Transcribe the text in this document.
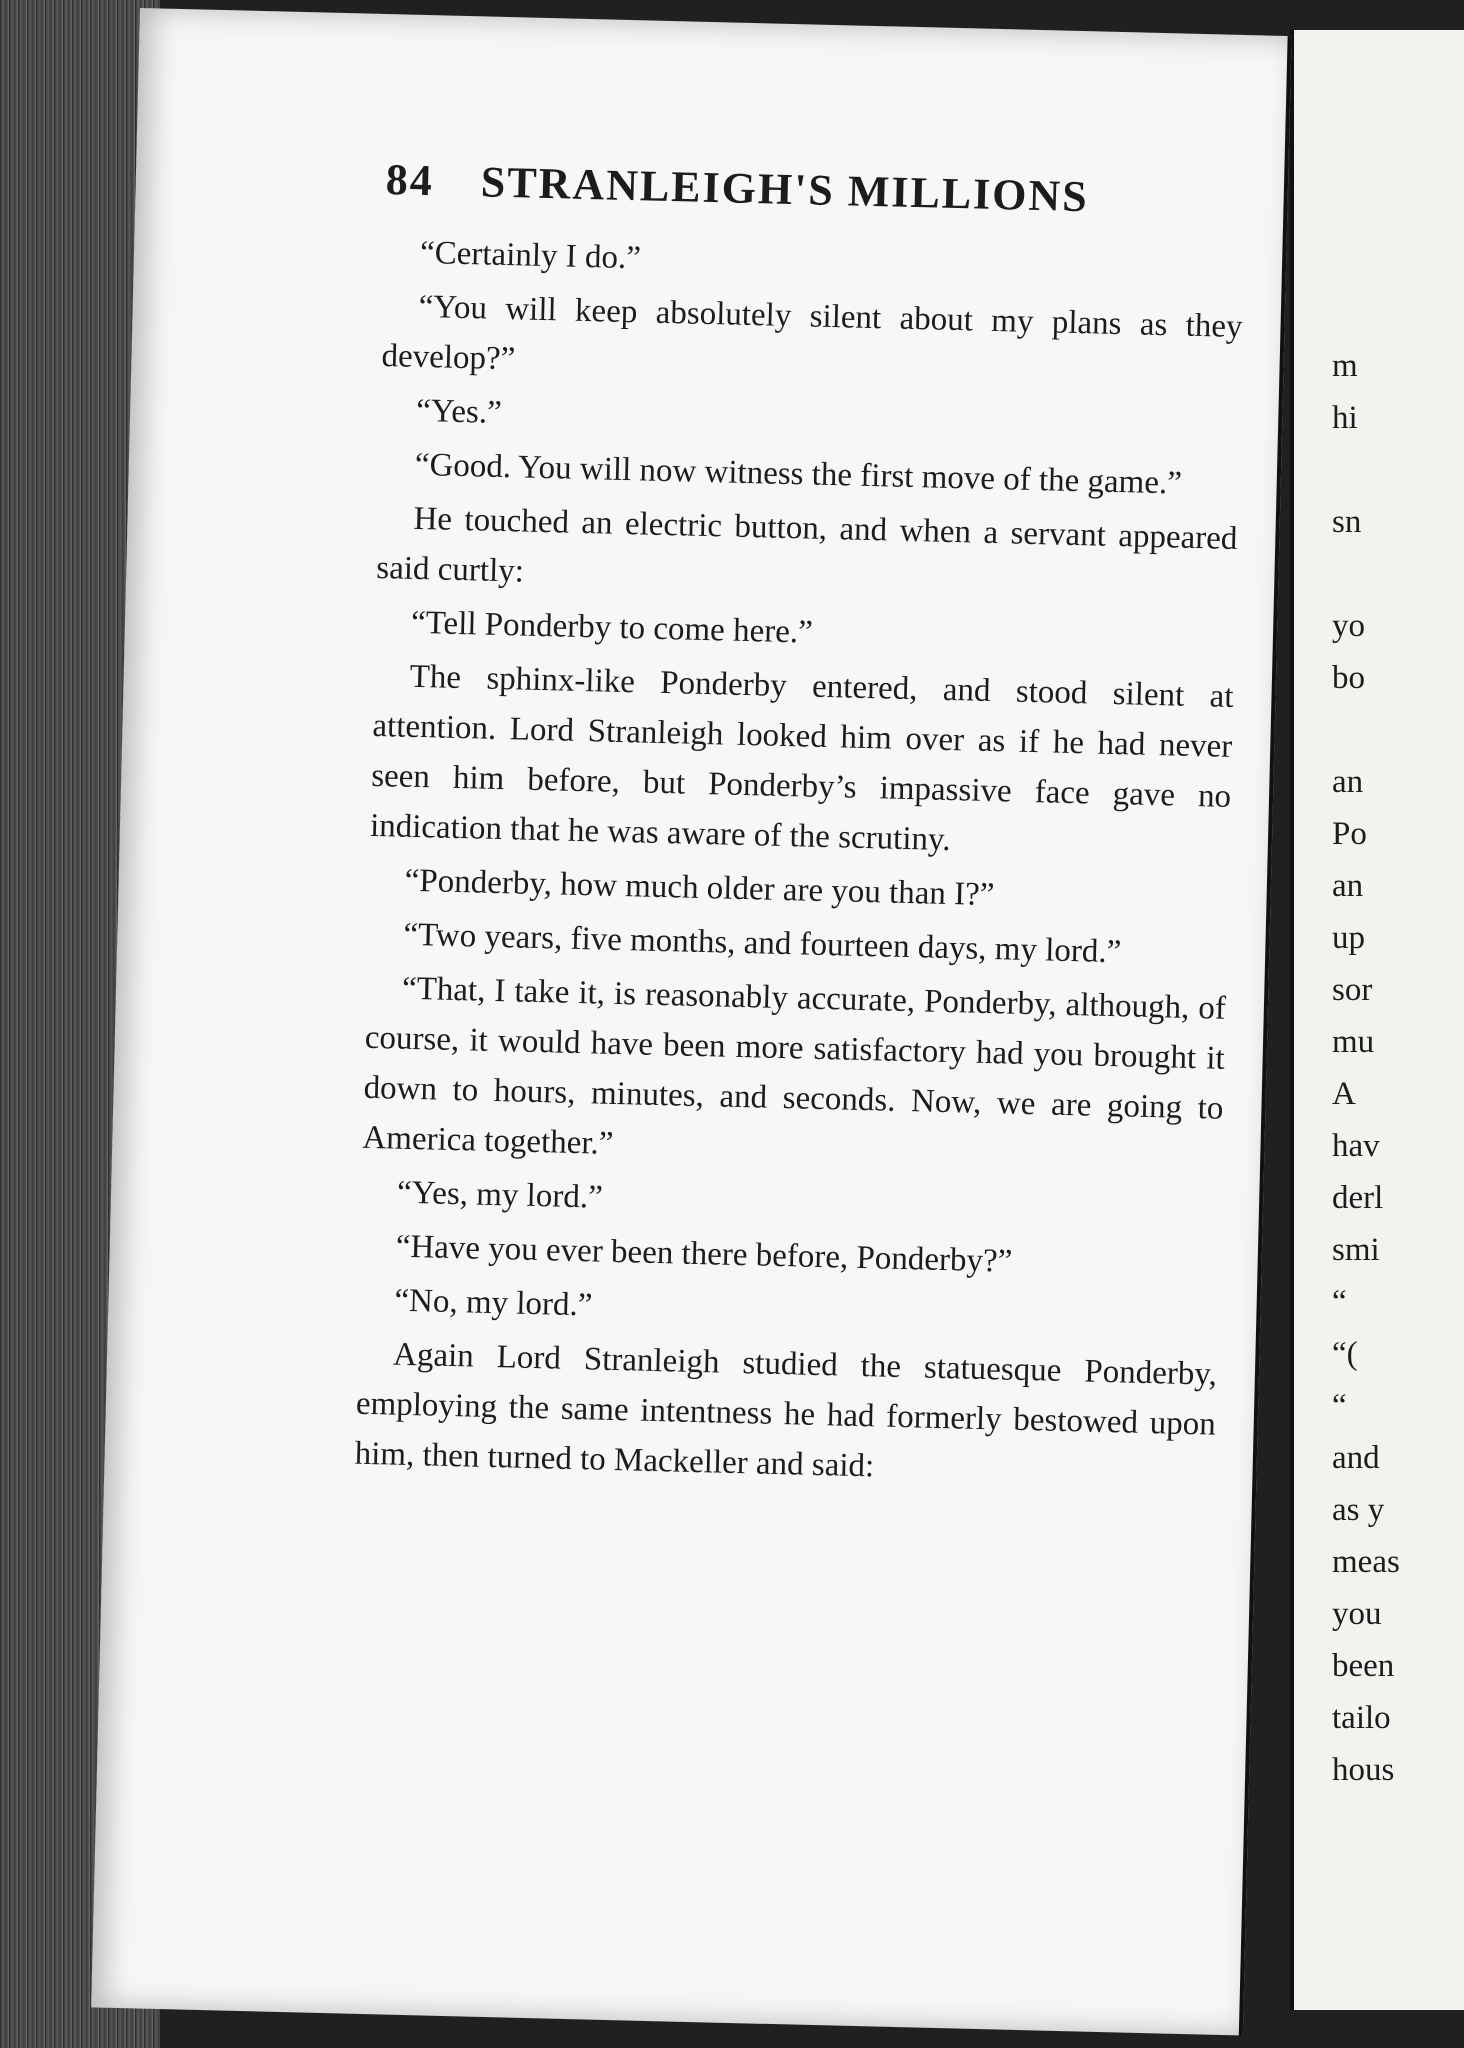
m
hi

sn

yo
bo

an
Po
an
up
sor
mu
A
hav
derl
smi
“
“(
“
and
as y
meas
you
been
tailo
hous
84 STRANLEIGH'S MILLIONS

“Certainly I do.”

“You will keep absolutely silent about my plans as they develop?”

“Yes.”

“Good. You will now witness the first move of the game.”

He touched an electric button, and when a servant appeared said curtly:

“Tell Ponderby to come here.”

The sphinx-like Ponderby entered, and stood silent at attention. Lord Stranleigh looked him over as if he had never seen him before, but Ponderby’s impassive face gave no indication that he was aware of the scrutiny.

“Ponderby, how much older are you than I?”

“Two years, five months, and fourteen days, my lord.”

“That, I take it, is reasonably accurate, Ponderby, although, of course, it would have been more satisfactory had you brought it down to hours, minutes, and seconds. Now, we are going to America together.”

“Yes, my lord.”

“Have you ever been there before, Ponderby?”

“No, my lord.”

Again Lord Stranleigh studied the statuesque Ponderby, employing the same intentness he had formerly bestowed upon him, then turned to Mackeller and said:
